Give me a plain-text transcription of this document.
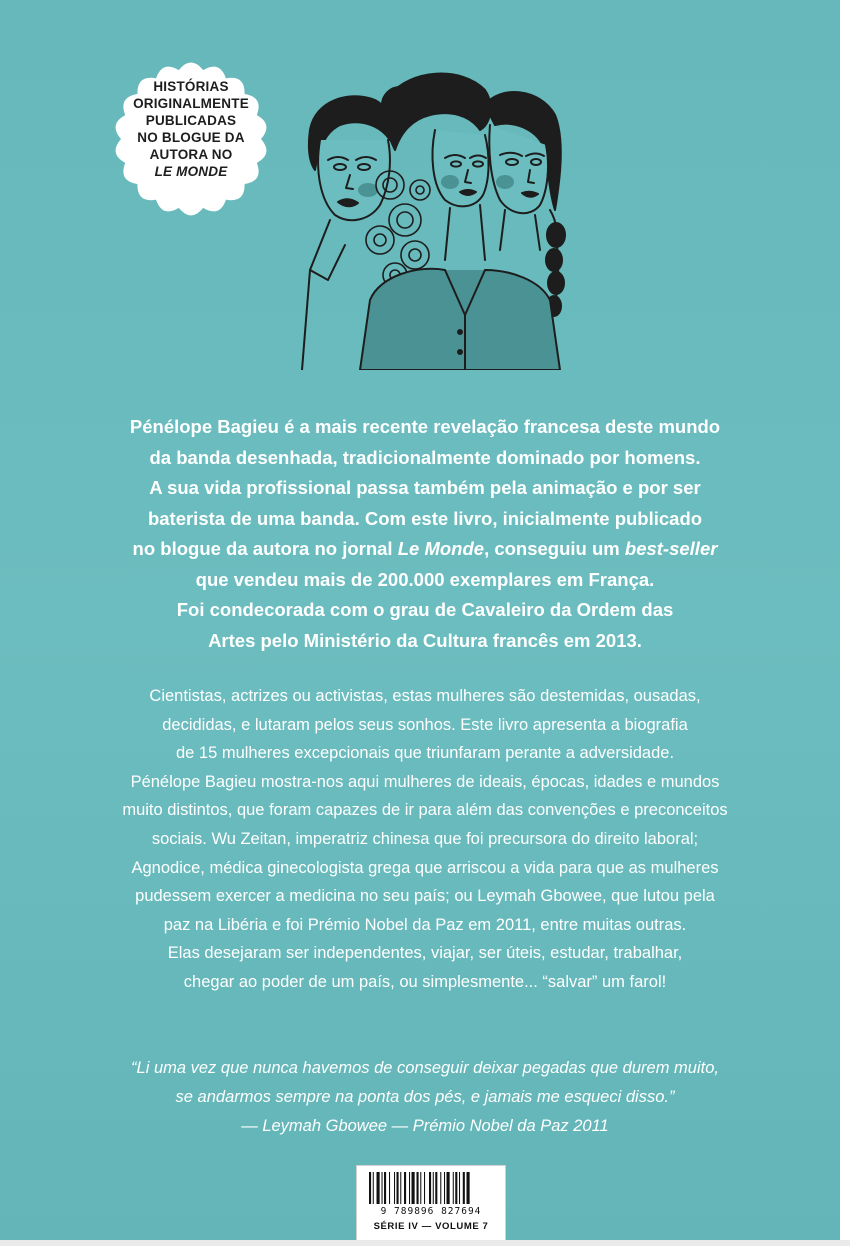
HISTÓRIAS
ORIGINALMENTE
PUBLICADAS
NO BLOGUE DA
AUTORA NO
LE MONDE
Pénélope Bagieu é a mais recente revelação francesa deste mundo
da banda desenhada, tradicionalmente dominado por homens.
A sua vida profissional passa também pela animação e por ser
baterista de uma banda. Com este livro, inicialmente publicado
no blogue da autora no jornal Le Monde, conseguiu um best-seller
que vendeu mais de 200.000 exemplares em França.
Foi condecorada com o grau de Cavaleiro da Ordem das
Artes pelo Ministério da Cultura francês em 2013.
Cientistas, actrizes ou activistas, estas mulheres são destemidas, ousadas,
decididas, e lutaram pelos seus sonhos. Este livro apresenta a biografia
de 15 mulheres excepcionais que triunfaram perante a adversidade.
Pénélope Bagieu mostra-nos aqui mulheres de ideais, épocas, idades e mundos
muito distintos, que foram capazes de ir para além das convenções e preconceitos
sociais. Wu Zeitan, imperatriz chinesa que foi precursora do direito laboral;
Agnodice, médica ginecologista grega que arriscou a vida para que as mulheres
pudessem exercer a medicina no seu país; ou Leymah Gbowee, que lutou pela
paz na Libéria e foi Prémio Nobel da Paz em 2011, entre muitas outras.
Elas desejaram ser independentes, viajar, ser úteis, estudar, trabalhar,
chegar ao poder de um país, ou simplesmente... “salvar” um farol!
“Li uma vez que nunca havemos de conseguir deixar pegadas que durem muito,
se andarmos sempre na ponta dos pés, e jamais me esqueci disso.”
— Leymah Gbowee — Prémio Nobel da Paz 2011
9 789896 827694
SÉRIE IV — VOLUME 7
